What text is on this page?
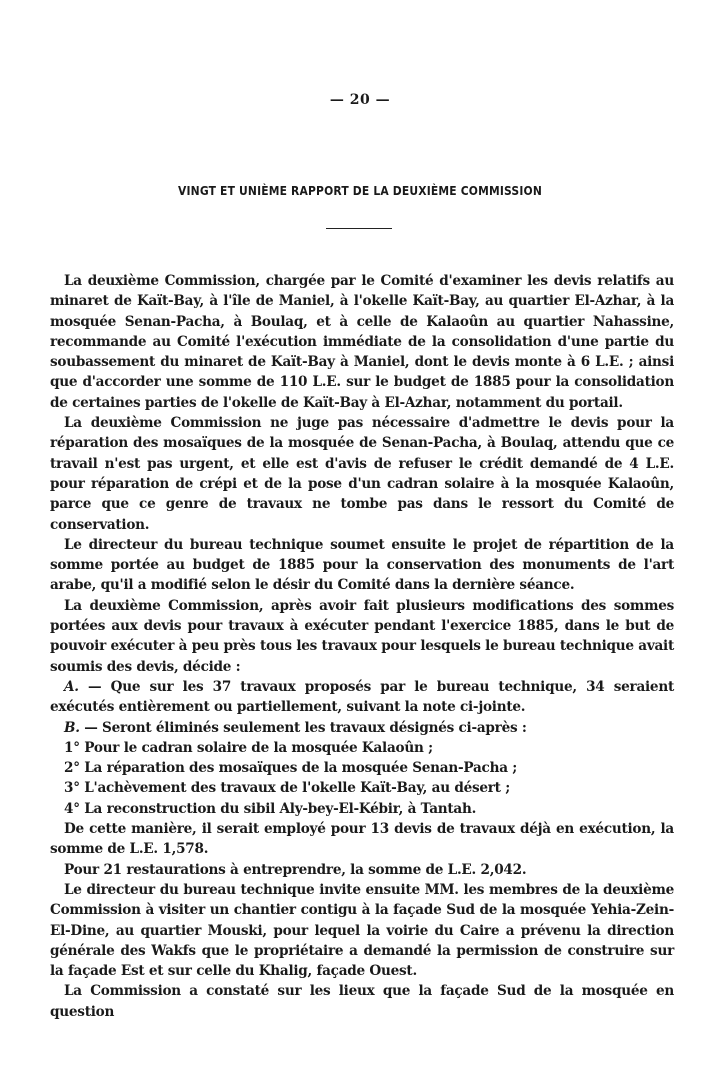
— 20 —
VINGT ET UNIÈME RAPPORT DE LA DEUXIÈME COMMISSION

La deuxième Commission, chargée par le Comité d'examiner les devis relatifs au minaret de Kaït-Bay, à l'île de Maniel, à l'okelle Kaït-Bay, au quartier El-Azhar, à la mosquée Senan-Pacha, à Boulaq, et à celle de Kalaoûn au quartier Nahassine, recommande au Comité l'exécution immédiate de la consolidation d'une partie du soubassement du minaret de Kaït-Bay à Maniel, dont le devis monte à 6 L.E. ; ainsi que d'accorder une somme de 110 L.E. sur le budget de 1885 pour la consolidation de certaines parties de l'okelle de Kaït-Bay à El-Azhar, notamment du portail.

La deuxième Commission ne juge pas nécessaire d'admettre le devis pour la réparation des mosaïques de la mosquée de Senan-Pacha, à Boulaq, attendu que ce travail n'est pas urgent, et elle est d'avis de refuser le crédit demandé de 4 L.E. pour réparation de crépi et de la pose d'un cadran solaire à la mosquée Kalaoûn, parce que ce genre de travaux ne tombe pas dans le ressort du Comité de conservation.

Le directeur du bureau technique soumet ensuite le projet de répartition de la somme portée au budget de 1885 pour la conservation des monuments de l'art arabe, qu'il a modifié selon le désir du Comité dans la dernière séance.

La deuxième Commission, après avoir fait plusieurs modifications des sommes portées aux devis pour travaux à exécuter pendant l'exercice 1885, dans le but de pouvoir exécuter à peu près tous les travaux pour lesquels le bureau technique avait soumis des devis, décide :

A. — Que sur les 37 travaux proposés par le bureau technique, 34 seraient exécutés entièrement ou partiellement, suivant la note ci-jointe.

B. — Seront éliminés seulement les travaux désignés ci-après :

1° Pour le cadran solaire de la mosquée Kalaoûn ;

2° La réparation des mosaïques de la mosquée Senan-Pacha ;

3° L'achèvement des travaux de l'okelle Kaït-Bay, au désert ;

4° La reconstruction du sibil Aly-bey-El-Kébir, à Tantah.

De cette manière, il serait employé pour 13 devis de travaux déjà en exécution, la somme de L.E. 1,578.

Pour 21 restaurations à entreprendre, la somme de L.E. 2,042.

Le directeur du bureau technique invite ensuite MM. les membres de la deuxième Commission à visiter un chantier contigu à la façade Sud de la mosquée Yehia-Zein-El-Dine, au quartier Mouski, pour lequel la voirie du Caire a prévenu la direction générale des Wakfs que le propriétaire a demandé la permission de construire sur la façade Est et sur celle du Khalig, façade Ouest.

La Commission a constaté sur les lieux que la façade Sud de la mosquée en question
